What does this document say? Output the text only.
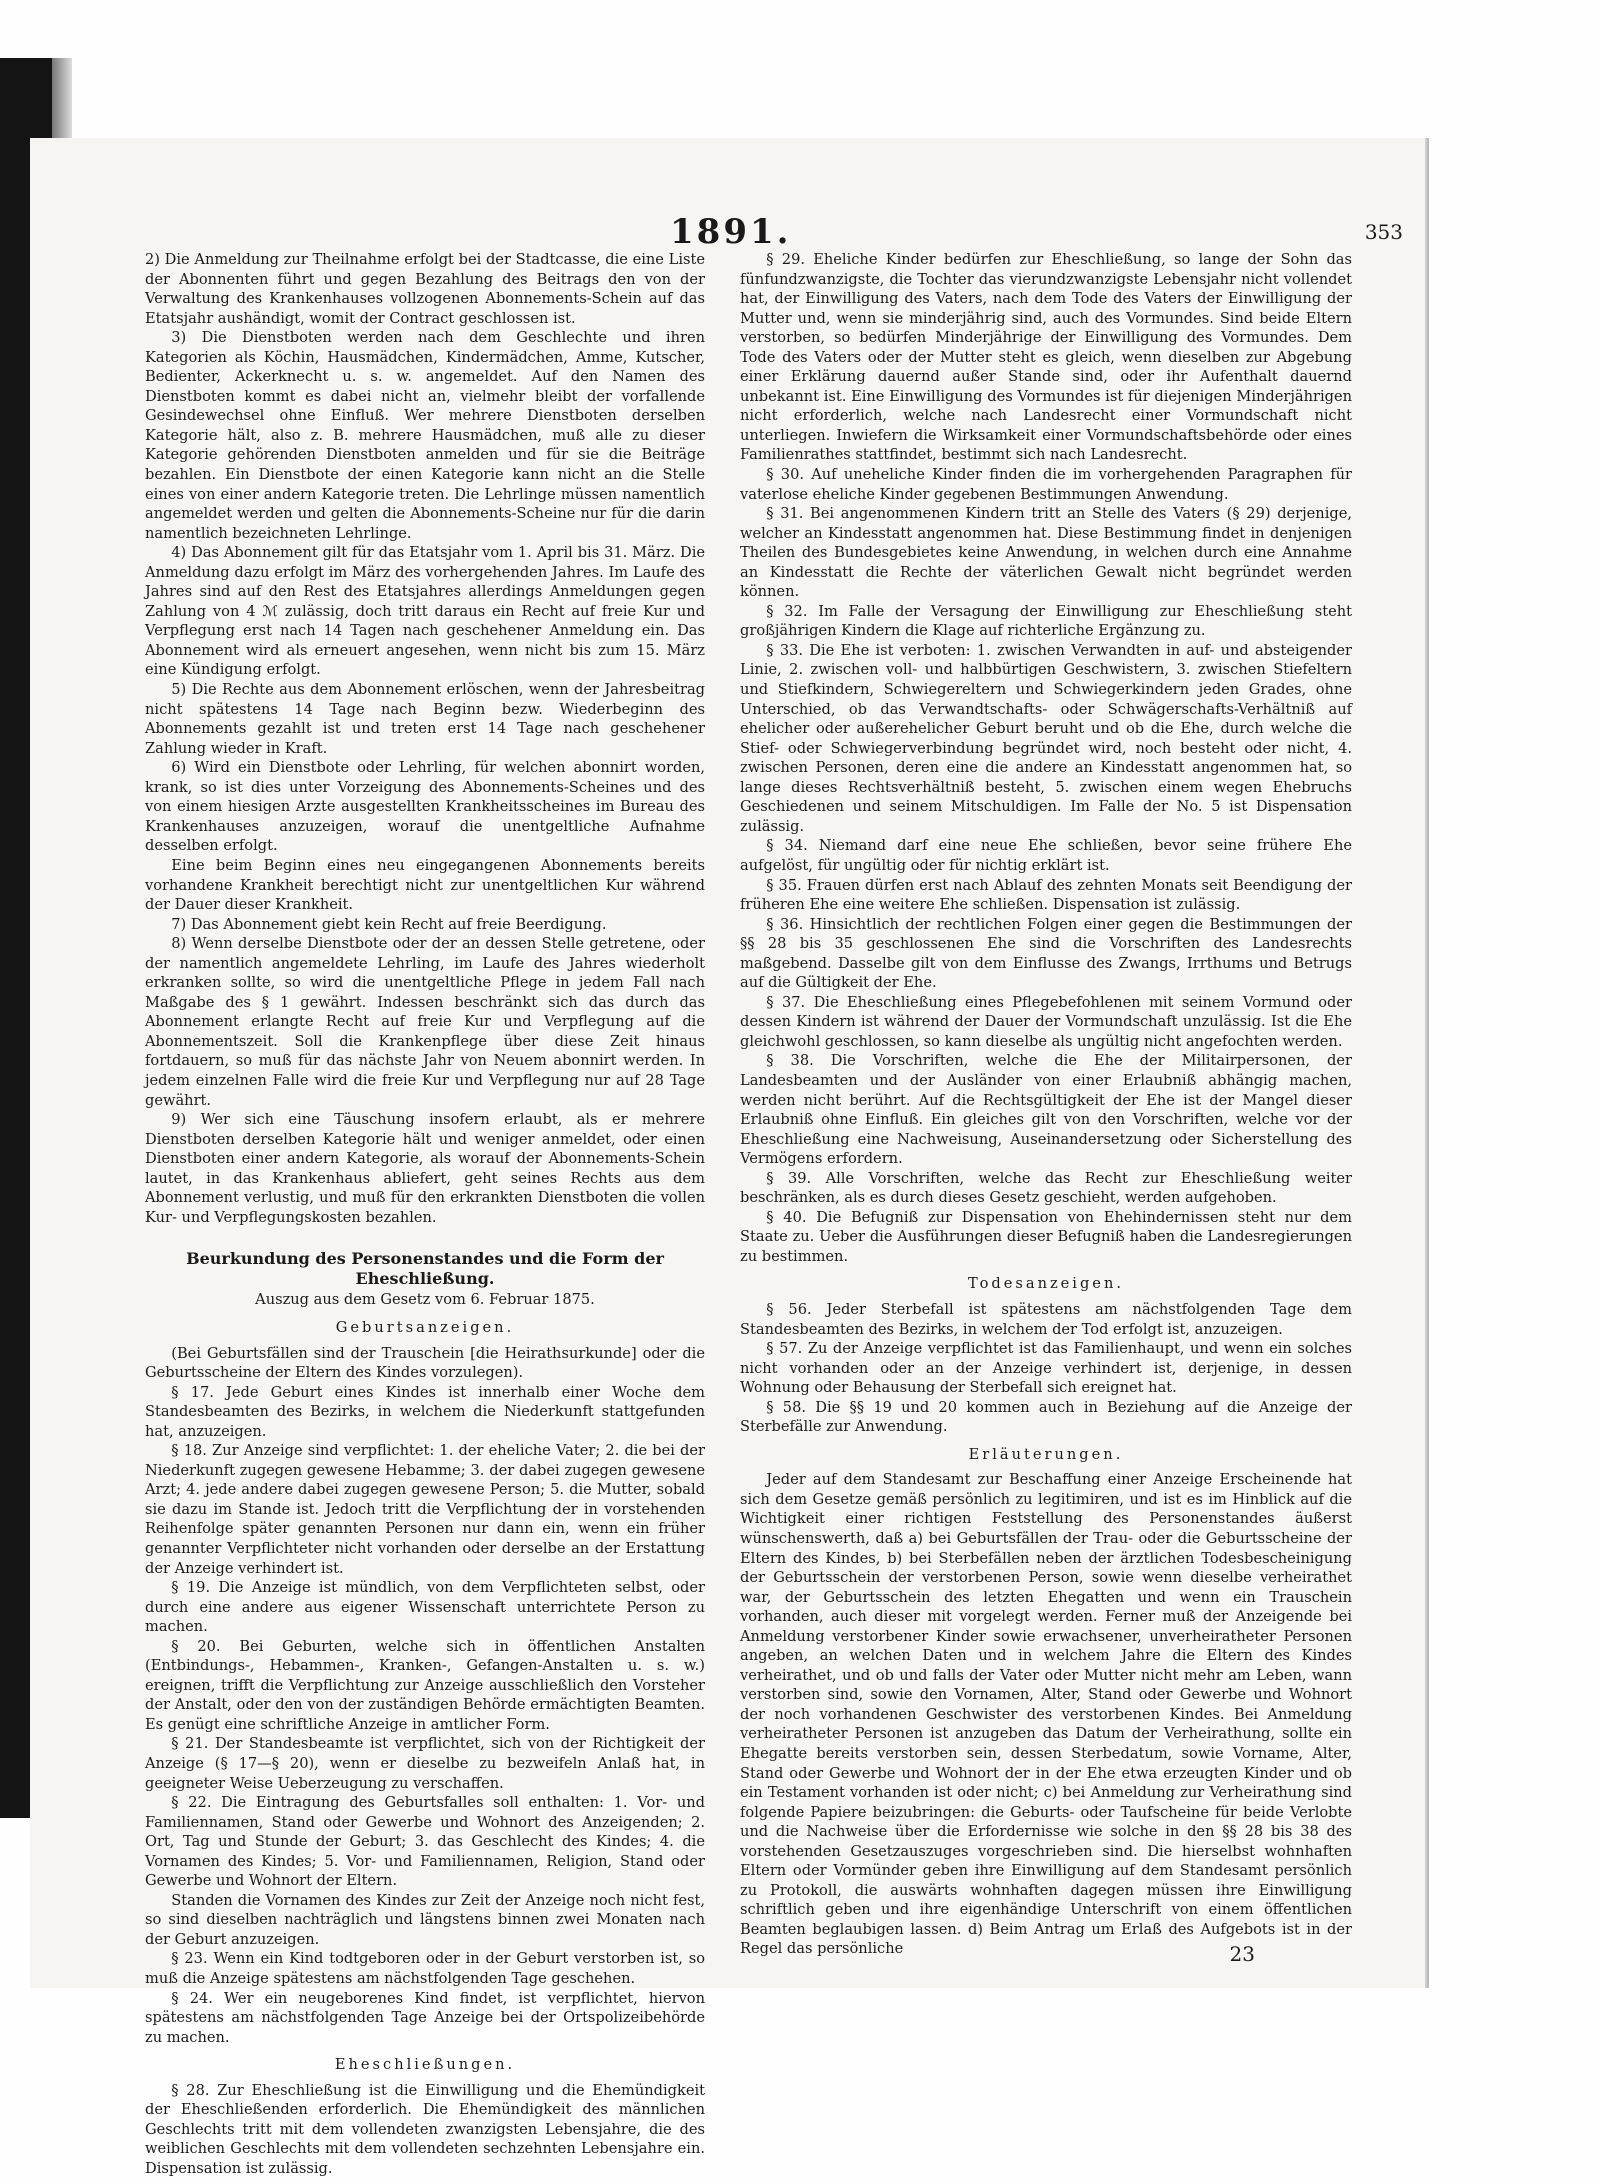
1891.	353

2) Die Anmeldung zur Theilnahme erfolgt bei der Stadtcasse, die eine Liste der Abonnenten führt und gegen Bezahlung des Beitrags den von der Verwaltung des Krankenhauses vollzogenen Abonnements-Schein auf das Etatsjahr aushändigt, womit der Contract geschlossen ist.

3) Die Dienstboten werden nach dem Geschlechte und ihren Kategorien als Köchin, Hausmädchen, Kindermädchen, Amme, Kutscher, Bedienter, Ackerknecht u. s. w. angemeldet. Auf den Namen des Dienstboten kommt es dabei nicht an, vielmehr bleibt der vorfallende Gesindewechsel ohne Einfluß. Wer mehrere Dienstboten derselben Kategorie hält, also z. B. mehrere Hausmädchen, muß alle zu dieser Kategorie gehörenden Dienstboten anmelden und für sie die Beiträge bezahlen. Ein Dienstbote der einen Kategorie kann nicht an die Stelle eines von einer andern Kategorie treten. Die Lehrlinge müssen namentlich angemeldet werden und gelten die Abonnements-Scheine nur für die darin namentlich bezeichneten Lehrlinge.

4) Das Abonnement gilt für das Etatsjahr vom 1. April bis 31. März. Die Anmeldung dazu erfolgt im März des vorhergehenden Jahres. Im Laufe des Jahres sind auf den Rest des Etatsjahres allerdings Anmeldungen gegen Zahlung von 4 ℳ zulässig, doch tritt daraus ein Recht auf freie Kur und Verpflegung erst nach 14 Tagen nach geschehener Anmeldung ein. Das Abonnement wird als erneuert angesehen, wenn nicht bis zum 15. März eine Kündigung erfolgt.

5) Die Rechte aus dem Abonnement erlöschen, wenn der Jahresbeitrag nicht spätestens 14 Tage nach Beginn bezw. Wiederbeginn des Abonnements gezahlt ist und treten erst 14 Tage nach geschehener Zahlung wieder in Kraft.

6) Wird ein Dienstbote oder Lehrling, für welchen abonnirt worden, krank, so ist dies unter Vorzeigung des Abonnements-Scheines und des von einem hiesigen Arzte ausgestellten Krankheitsscheines im Bureau des Krankenhauses anzuzeigen, worauf die unentgeltliche Aufnahme desselben erfolgt.

Eine beim Beginn eines neu eingegangenen Abonnements bereits vorhandene Krankheit berechtigt nicht zur unentgeltlichen Kur während der Dauer dieser Krankheit.

7) Das Abonnement giebt kein Recht auf freie Beerdigung.

8) Wenn derselbe Dienstbote oder der an dessen Stelle getretene, oder der namentlich angemeldete Lehrling, im Laufe des Jahres wiederholt erkranken sollte, so wird die unentgeltliche Pflege in jedem Fall nach Maßgabe des § 1 gewährt. Indessen beschränkt sich das durch das Abonnement erlangte Recht auf freie Kur und Verpflegung auf die Abonnementszeit. Soll die Krankenpflege über diese Zeit hinaus fortdauern, so muß für das nächste Jahr von Neuem abonnirt werden. In jedem einzelnen Falle wird die freie Kur und Verpflegung nur auf 28 Tage gewährt.

9) Wer sich eine Täuschung insofern erlaubt, als er mehrere Dienstboten derselben Kategorie hält und weniger anmeldet, oder einen Dienstboten einer andern Kategorie, als worauf der Abonnements-Schein lautet, in das Krankenhaus abliefert, geht seines Rechts aus dem Abonnement verlustig, und muß für den erkrankten Dienstboten die vollen Kur- und Verpflegungskosten bezahlen.

Beurkundung des Personenstandes und die Form der Eheschließung.
Auszug aus dem Gesetz vom 6. Februar 1875.
Geburtsanzeigen.

(Bei Geburtsfällen sind der Trauschein [die Heirathsurkunde] oder die Geburtsscheine der Eltern des Kindes vorzulegen).

§ 17. Jede Geburt eines Kindes ist innerhalb einer Woche dem Standesbeamten des Bezirks, in welchem die Niederkunft stattgefunden hat, anzuzeigen.

§ 18. Zur Anzeige sind verpflichtet: 1. der eheliche Vater; 2. die bei der Niederkunft zugegen gewesene Hebamme; 3. der dabei zugegen gewesene Arzt; 4. jede andere dabei zugegen gewesene Person; 5. die Mutter, sobald sie dazu im Stande ist. Jedoch tritt die Verpflichtung der in vorstehenden Reihenfolge später genannten Personen nur dann ein, wenn ein früher genannter Verpflichteter nicht vorhanden oder derselbe an der Erstattung der Anzeige verhindert ist.

§ 19. Die Anzeige ist mündlich, von dem Verpflichteten selbst, oder durch eine andere aus eigener Wissenschaft unterrichtete Person zu machen.

§ 20. Bei Geburten, welche sich in öffentlichen Anstalten (Entbindungs-, Hebammen-, Kranken-, Gefangen-Anstalten u. s. w.) ereignen, trifft die Verpflichtung zur Anzeige ausschließlich den Vorsteher der Anstalt, oder den von der zuständigen Behörde ermächtigten Beamten. Es genügt eine schriftliche Anzeige in amtlicher Form.

§ 21. Der Standesbeamte ist verpflichtet, sich von der Richtigkeit der Anzeige (§ 17—§ 20), wenn er dieselbe zu bezweifeln Anlaß hat, in geeigneter Weise Ueberzeugung zu verschaffen.

§ 22. Die Eintragung des Geburtsfalles soll enthalten: 1. Vor- und Familiennamen, Stand oder Gewerbe und Wohnort des Anzeigenden; 2. Ort, Tag und Stunde der Geburt; 3. das Geschlecht des Kindes; 4. die Vornamen des Kindes; 5. Vor- und Familiennamen, Religion, Stand oder Gewerbe und Wohnort der Eltern.

Standen die Vornamen des Kindes zur Zeit der Anzeige noch nicht fest, so sind dieselben nachträglich und längstens binnen zwei Monaten nach der Geburt anzuzeigen.

§ 23. Wenn ein Kind todtgeboren oder in der Geburt verstorben ist, so muß die Anzeige spätestens am nächstfolgenden Tage geschehen.

§ 24. Wer ein neugeborenes Kind findet, ist verpflichtet, hiervon spätestens am nächstfolgenden Tage Anzeige bei der Ortspolizeibehörde zu machen.

Eheschließungen.

§ 28. Zur Eheschließung ist die Einwilligung und die Ehemündigkeit der Eheschließenden erforderlich. Die Ehemündigkeit des männlichen Geschlechts tritt mit dem vollendeten zwanzigsten Lebensjahre, die des weiblichen Geschlechts mit dem vollendeten sechzehnten Lebensjahre ein. Dispensation ist zulässig.

§ 29. Eheliche Kinder bedürfen zur Eheschließung, so lange der Sohn das fünfundzwanzigste, die Tochter das vierundzwanzigste Lebensjahr nicht vollendet hat, der Einwilligung des Vaters, nach dem Tode des Vaters der Einwilligung der Mutter und, wenn sie minderjährig sind, auch des Vormundes. Sind beide Eltern verstorben, so bedürfen Minderjährige der Einwilligung des Vormundes. Dem Tode des Vaters oder der Mutter steht es gleich, wenn dieselben zur Abgebung einer Erklärung dauernd außer Stande sind, oder ihr Aufenthalt dauernd unbekannt ist. Eine Einwilligung des Vormundes ist für diejenigen Minderjährigen nicht erforderlich, welche nach Landesrecht einer Vormundschaft nicht unterliegen. Inwiefern die Wirksamkeit einer Vormundschaftsbehörde oder eines Familienrathes stattfindet, bestimmt sich nach Landesrecht.

§ 30. Auf uneheliche Kinder finden die im vorhergehenden Paragraphen für vaterlose eheliche Kinder gegebenen Bestimmungen Anwendung.

§ 31. Bei angenommenen Kindern tritt an Stelle des Vaters (§ 29) derjenige, welcher an Kindesstatt angenommen hat. Diese Bestimmung findet in denjenigen Theilen des Bundesgebietes keine Anwendung, in welchen durch eine Annahme an Kindesstatt die Rechte der väterlichen Gewalt nicht begründet werden können.

§ 32. Im Falle der Versagung der Einwilligung zur Eheschließung steht großjährigen Kindern die Klage auf richterliche Ergänzung zu.

§ 33. Die Ehe ist verboten: 1. zwischen Verwandten in auf- und absteigender Linie, 2. zwischen voll- und halbbürtigen Geschwistern, 3. zwischen Stiefeltern und Stiefkindern, Schwiegereltern und Schwiegerkindern jeden Grades, ohne Unterschied, ob das Verwandtschafts- oder Schwägerschafts-Verhältniß auf ehelicher oder außerehelicher Geburt beruht und ob die Ehe, durch welche die Stief- oder Schwiegerverbindung begründet wird, noch besteht oder nicht, 4. zwischen Personen, deren eine die andere an Kindesstatt angenommen hat, so lange dieses Rechtsverhältniß besteht, 5. zwischen einem wegen Ehebruchs Geschiedenen und seinem Mitschuldigen. Im Falle der No. 5 ist Dispensation zulässig.

§ 34. Niemand darf eine neue Ehe schließen, bevor seine frühere Ehe aufgelöst, für ungültig oder für nichtig erklärt ist.

§ 35. Frauen dürfen erst nach Ablauf des zehnten Monats seit Beendigung der früheren Ehe eine weitere Ehe schließen. Dispensation ist zulässig.

§ 36. Hinsichtlich der rechtlichen Folgen einer gegen die Bestimmungen der §§ 28 bis 35 geschlossenen Ehe sind die Vorschriften des Landesrechts maßgebend. Dasselbe gilt von dem Einflusse des Zwangs, Irrthums und Betrugs auf die Gültigkeit der Ehe.

§ 37. Die Eheschließung eines Pflegebefohlenen mit seinem Vormund oder dessen Kindern ist während der Dauer der Vormundschaft unzulässig. Ist die Ehe gleichwohl geschlossen, so kann dieselbe als ungültig nicht angefochten werden.

§ 38. Die Vorschriften, welche die Ehe der Militairpersonen, der Landesbeamten und der Ausländer von einer Erlaubniß abhängig machen, werden nicht berührt. Auf die Rechtsgültigkeit der Ehe ist der Mangel dieser Erlaubniß ohne Einfluß. Ein gleiches gilt von den Vorschriften, welche vor der Eheschließung eine Nachweisung, Auseinandersetzung oder Sicherstellung des Vermögens erfordern.

§ 39. Alle Vorschriften, welche das Recht zur Eheschließung weiter beschränken, als es durch dieses Gesetz geschieht, werden aufgehoben.

§ 40. Die Befugniß zur Dispensation von Ehehindernissen steht nur dem Staate zu. Ueber die Ausführungen dieser Befugniß haben die Landesregierungen zu bestimmen.

Todesanzeigen.

§ 56. Jeder Sterbefall ist spätestens am nächstfolgenden Tage dem Standesbeamten des Bezirks, in welchem der Tod erfolgt ist, anzuzeigen.

§ 57. Zu der Anzeige verpflichtet ist das Familienhaupt, und wenn ein solches nicht vorhanden oder an der Anzeige verhindert ist, derjenige, in dessen Wohnung oder Behausung der Sterbefall sich ereignet hat.

§ 58. Die §§ 19 und 20 kommen auch in Beziehung auf die Anzeige der Sterbefälle zur Anwendung.

Erläuterungen.

Jeder auf dem Standesamt zur Beschaffung einer Anzeige Erscheinende hat sich dem Gesetze gemäß persönlich zu legitimiren, und ist es im Hinblick auf die Wichtigkeit einer richtigen Feststellung des Personenstandes äußerst wünschenswerth, daß a) bei Geburtsfällen der Trau- oder die Geburtsscheine der Eltern des Kindes, b) bei Sterbefällen neben der ärztlichen Todesbescheinigung der Geburtsschein der verstorbenen Person, sowie wenn dieselbe verheirathet war, der Geburtsschein des letzten Ehegatten und wenn ein Trauschein vorhanden, auch dieser mit vorgelegt werden. Ferner muß der Anzeigende bei Anmeldung verstorbener Kinder sowie erwachsener, unverheiratheter Personen angeben, an welchen Daten und in welchem Jahre die Eltern des Kindes verheirathet, und ob und falls der Vater oder Mutter nicht mehr am Leben, wann verstorben sind, sowie den Vornamen, Alter, Stand oder Gewerbe und Wohnort der noch vorhandenen Geschwister des verstorbenen Kindes. Bei Anmeldung verheiratheter Personen ist anzugeben das Datum der Verheirathung, sollte ein Ehegatte bereits verstorben sein, dessen Sterbedatum, sowie Vorname, Alter, Stand oder Gewerbe und Wohnort der in der Ehe etwa erzeugten Kinder und ob ein Testament vorhanden ist oder nicht; c) bei Anmeldung zur Verheirathung sind folgende Papiere beizubringen: die Geburts- oder Taufscheine für beide Verlobte und die Nachweise über die Erfordernisse wie solche in den §§ 28 bis 38 des vorstehenden Gesetzauszuges vorgeschrieben sind. Die hierselbst wohnhaften Eltern oder Vormünder geben ihre Einwilligung auf dem Standesamt persönlich zu Protokoll, die auswärts wohnhaften dagegen müssen ihre Einwilligung schriftlich geben und ihre eigenhändige Unterschrift von einem öffentlichen Beamten beglaubigen lassen. d) Beim Antrag um Erlaß des Aufgebots ist in der Regel das persönliche	23
